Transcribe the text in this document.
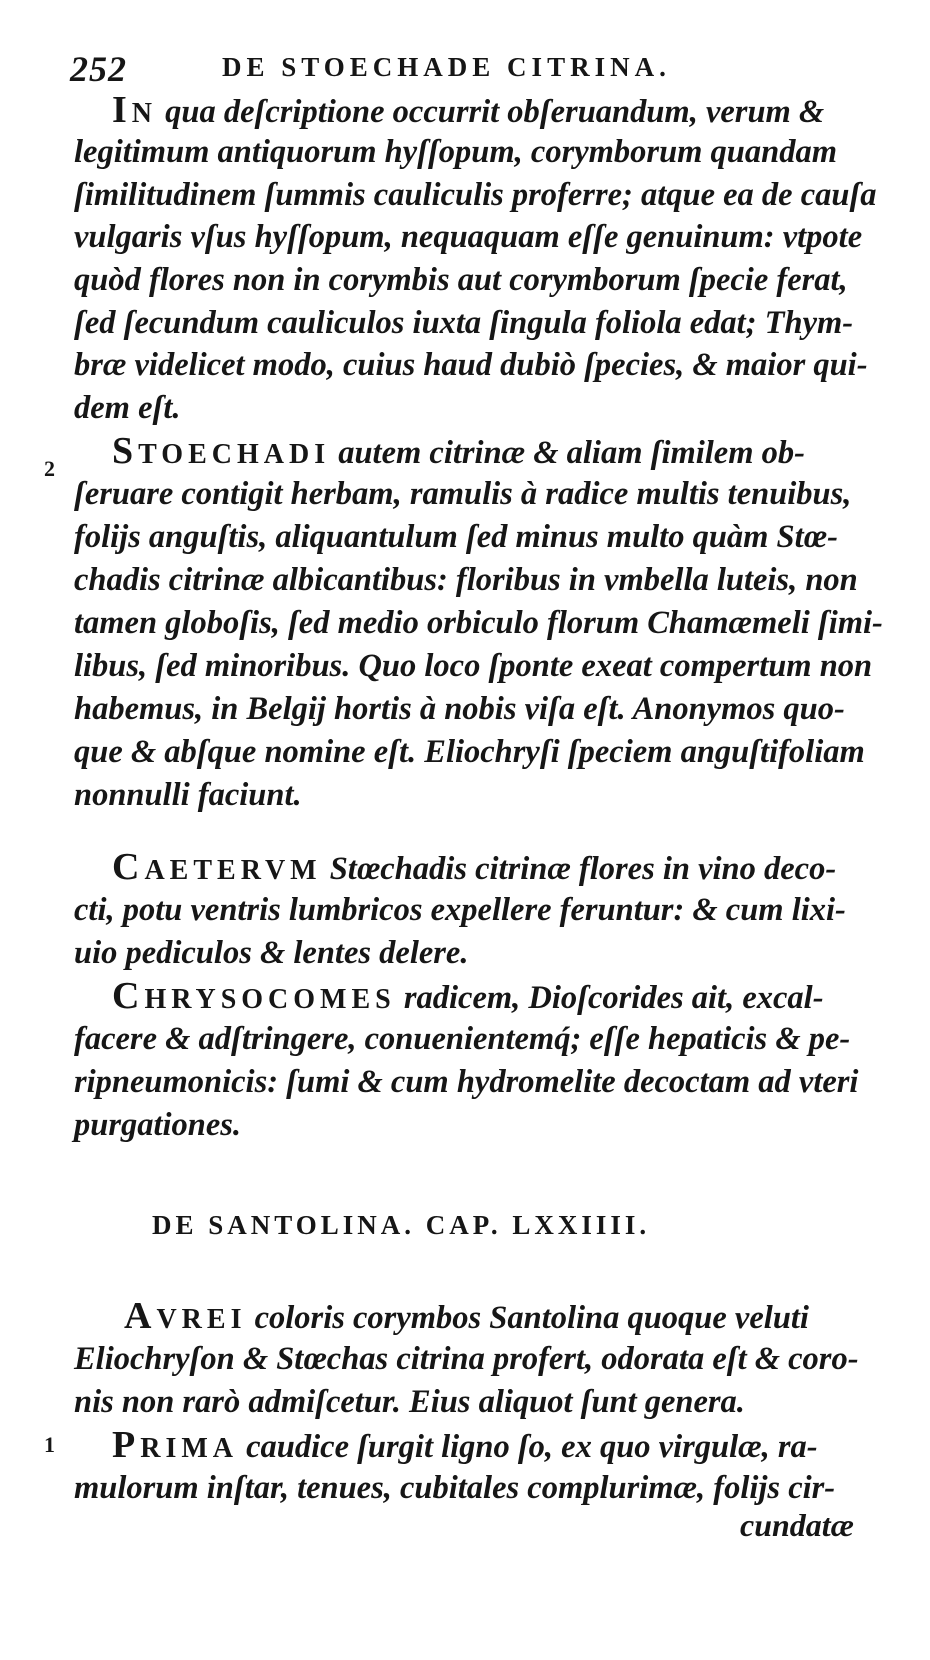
252	DE STOECHADE CITRINA.
IN qua deſcriptione occurrit obſeruandum, verum &
legitimum antiquorum hyſſopum, corymborum quandam
ſimilitudinem ſummis cauliculis proferre; atque ea de cauſa
vulgaris vſus hyſſopum, nequaquam eſſe genuinum: vtpote
quòd flores non in corymbis aut corymborum ſpecie ferat,
ſed ſecundum cauliculos iuxta ſingula foliola edat; Thym-
bræ videlicet modo, cuius haud dubiò ſpecies, & maior qui-
dem eſt.
2 STOECHADI autem citrinæ & aliam ſimilem ob-
ſeruare contigit herbam, ramulis à radice multis tenuibus,
folijs anguſtis, aliquantulum ſed minus multo quàm Stœ-
chadis citrinæ albicantibus: floribus in vmbella luteis, non
tamen globoſis, ſed medio orbiculo florum Chamæmeli ſimi-
libus, ſed minoribus. Quo loco ſponte exeat compertum non
habemus, in Belgij hortis à nobis viſa eſt. Anonymos quo-
que & abſque nomine eſt. Eliochryſi ſpeciem anguſtifoliam
nonnulli faciunt.
CAETERVM Stœchadis citrinæ flores in vino deco-
cti, potu ventris lumbricos expellere feruntur: & cum lixi-
uio pediculos & lentes delere.
CHRYSOCOMES radicem, Dioſcorides ait, excal-
facere & adſtringere, conuenientemq́; eſſe hepaticis & pe-
ripneumonicis: ſumi & cum hydromelite decoctam ad vteri
purgationes.
DE SANTOLINA. CAP. LXXIIII.
AVREI coloris corymbos Santolina quoque veluti
Eliochryſon & Stœchas citrina profert, odorata eſt & coro-
nis non rarò admiſcetur. Eius aliquot ſunt genera.
1 PRIMA caudice ſurgit ligno ſo, ex quo virgulæ, ra-
mulorum inſtar, tenues, cubitales complurimæ, folijs cir-
cundatæ
